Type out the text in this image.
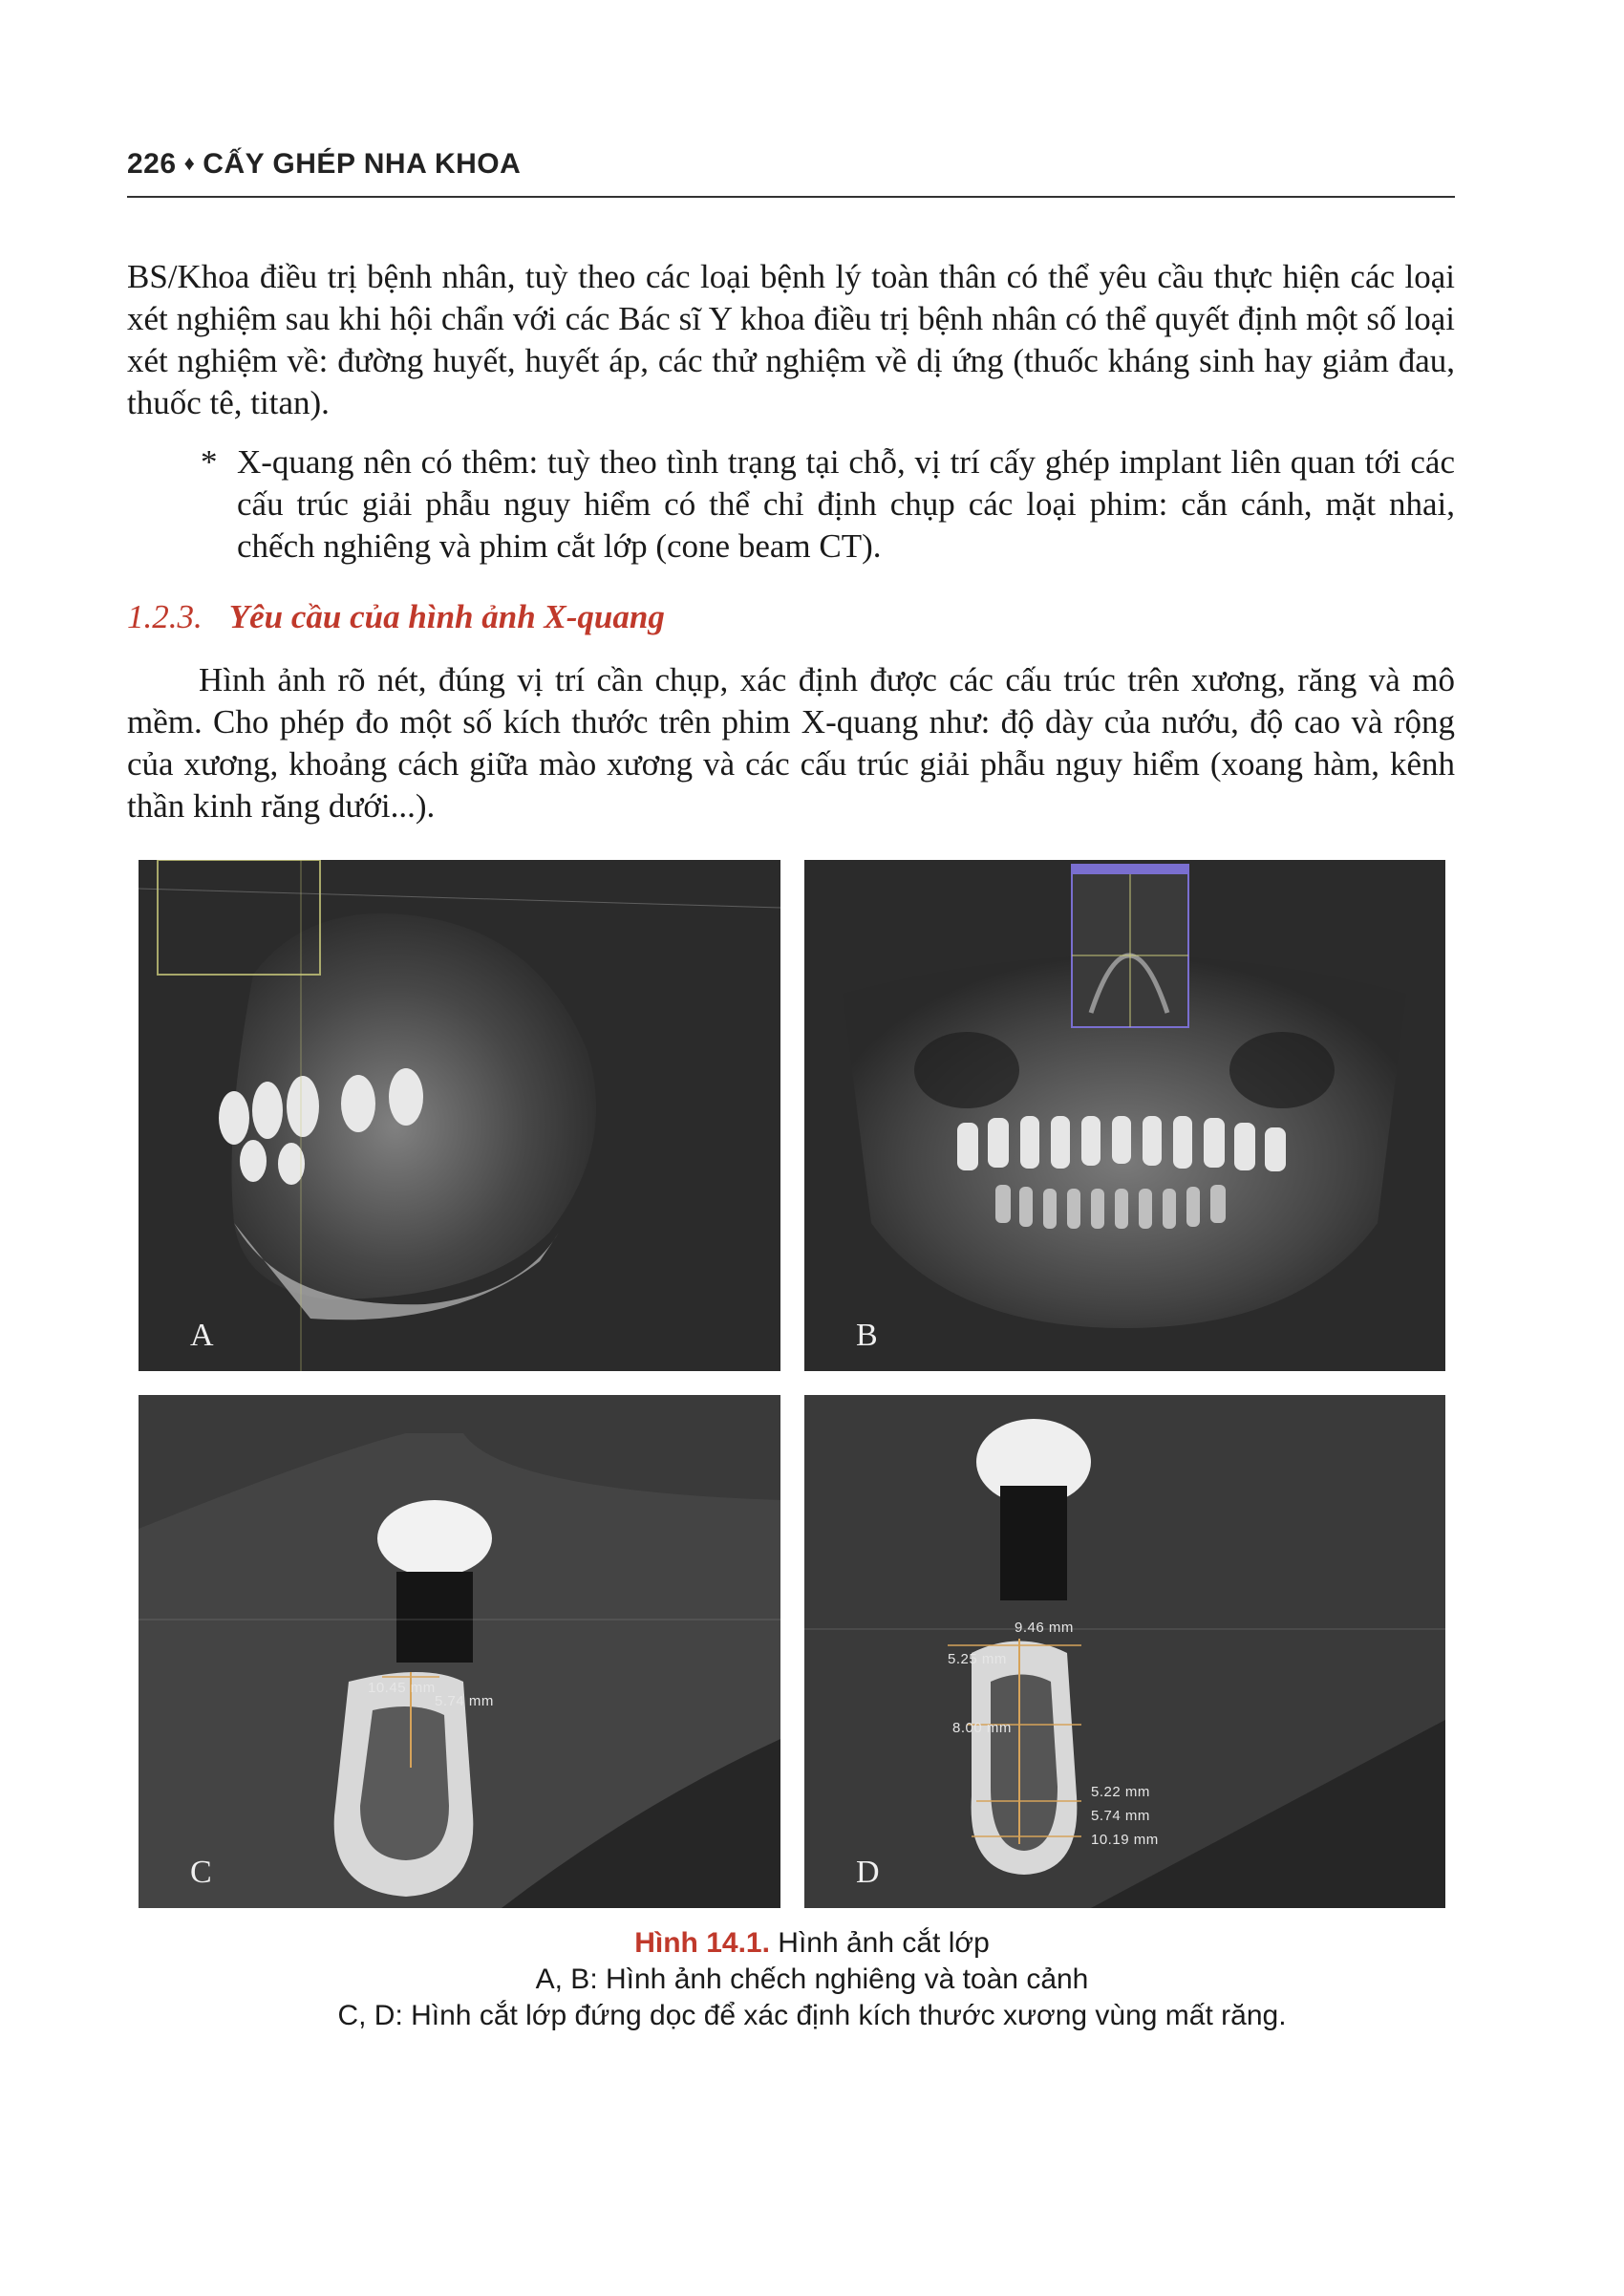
226 ♦ CẤY GHÉP NHA KHOA

BS/Khoa điều trị bệnh nhân, tuỳ theo các loại bệnh lý toàn thân có thể yêu cầu thực hiện các loại xét nghiệm sau khi hội chẩn với các Bác sĩ Y khoa điều trị bệnh nhân có thể quyết định một số loại xét nghiệm về: đường huyết, huyết áp, các thử nghiệm về dị ứng (thuốc kháng sinh hay giảm đau, thuốc tê, titan).

* X-quang nên có thêm: tuỳ theo tình trạng tại chỗ, vị trí cấy ghép implant liên quan tới các cấu trúc giải phẫu nguy hiểm có thể chỉ định chụp các loại phim: cắn cánh, mặt nhai, chếch nghiêng và phim cắt lớp (cone beam CT).

1.2.3. Yêu cầu của hình ảnh X-quang

Hình ảnh rõ nét, đúng vị trí cần chụp, xác định được các cấu trúc trên xương, răng và mô mềm. Cho phép đo một số kích thước trên phim X-quang như: độ dày của nướu, độ cao và rộng của xương, khoảng cách giữa mào xương và các cấu trúc giải phẫu nguy hiểm (xoang hàm, kênh thần kinh răng dưới...).

A	B
10.45 mm
5.74 mm
C
9.46 mm
5.25 mm
8.00 mm
5.22 mm
5.74 mm
10.19 mm
D
Hình 14.1. Hình ảnh cắt lớp
A, B: Hình ảnh chếch nghiêng và toàn cảnh
C, D: Hình cắt lớp đứng dọc để xác định kích thước xương vùng mất răng.
